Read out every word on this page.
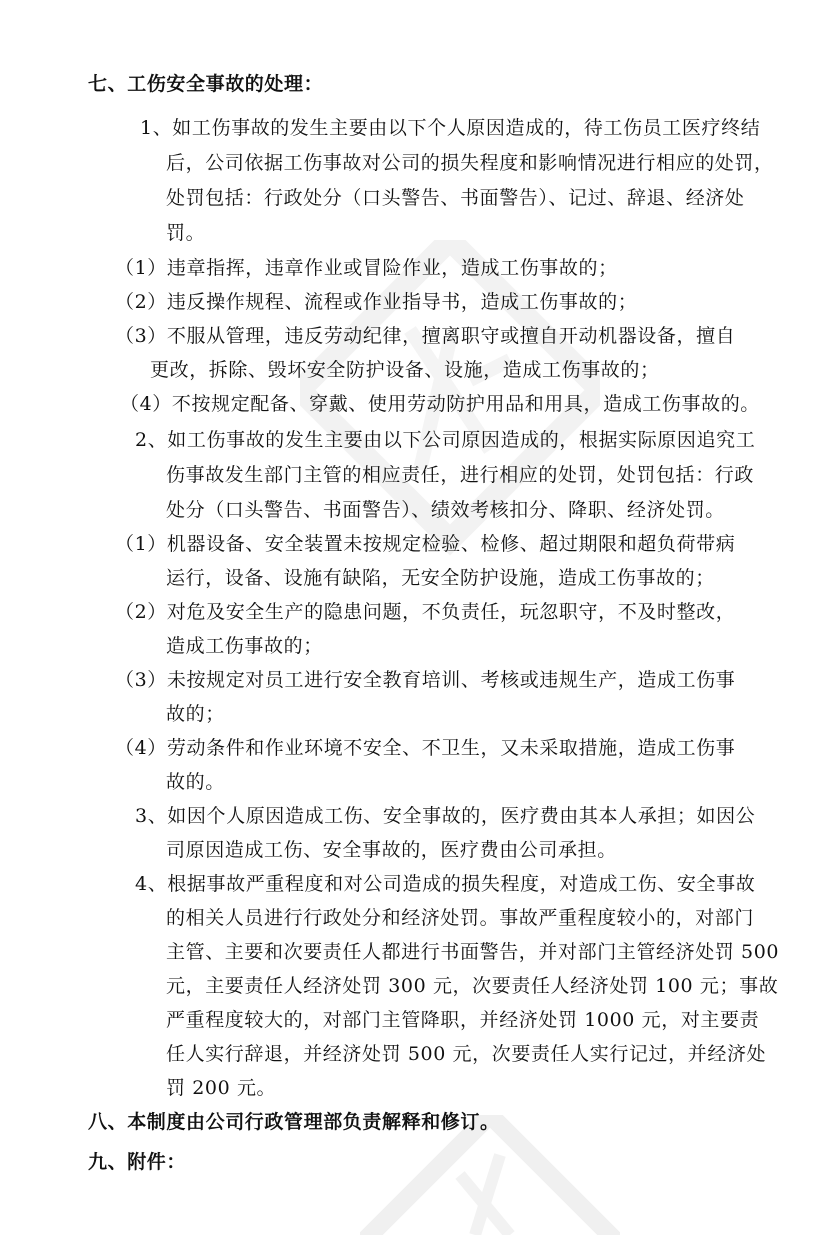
七、工伤安全事故的处理：
1、如工伤事故的发生主要由以下个人原因造成的，待工伤员工医疗终结
后，公司依据工伤事故对公司的损失程度和影响情况进行相应的处罚，
处罚包括：行政处分（口头警告、书面警告）、记过、辞退、经济处
罚。
（1）违章指挥，违章作业或冒险作业，造成工伤事故的；
（2）违反操作规程、流程或作业指导书，造成工伤事故的；
（3）不服从管理，违反劳动纪律，擅离职守或擅自开动机器设备，擅自
更改，拆除、毁坏安全防护设备、设施，造成工伤事故的；
（4）不按规定配备、穿戴、使用劳动防护用品和用具，造成工伤事故的。
2、如工伤事故的发生主要由以下公司原因造成的，根据实际原因追究工
伤事故发生部门主管的相应责任，进行相应的处罚，处罚包括：行政
处分（口头警告、书面警告）、绩效考核扣分、降职、经济处罚。
（1）机器设备、安全装置未按规定检验、检修、超过期限和超负荷带病
运行，设备、设施有缺陷，无安全防护设施，造成工伤事故的；
（2）对危及安全生产的隐患问题，不负责任，玩忽职守，不及时整改，
造成工伤事故的；
（3）未按规定对员工进行安全教育培训、考核或违规生产，造成工伤事
故的；
（4）劳动条件和作业环境不安全、不卫生，又未采取措施，造成工伤事
故的。
3、如因个人原因造成工伤、安全事故的，医疗费由其本人承担；如因公
司原因造成工伤、安全事故的，医疗费由公司承担。
4、根据事故严重程度和对公司造成的损失程度，对造成工伤、安全事故
的相关人员进行行政处分和经济处罚。事故严重程度较小的，对部门
主管、主要和次要责任人都进行书面警告，并对部门主管经济处罚 500
元，主要责任人经济处罚 300 元，次要责任人经济处罚 100 元；事故
严重程度较大的，对部门主管降职，并经济处罚 1000 元，对主要责
任人实行辞退，并经济处罚 500 元，次要责任人实行记过，并经济处
罚 200 元。
八、本制度由公司行政管理部负责解释和修订。
九、附件：
